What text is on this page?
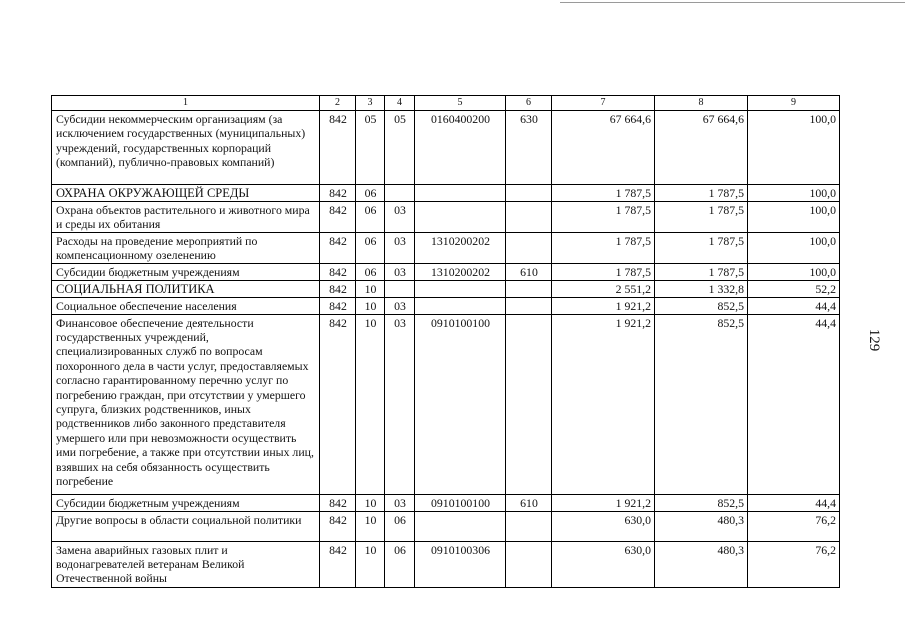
129
1	2	3	4	5	6	7	8	9
Субсидии некоммерческим организациям (за исключением государственных (муниципальных) учреждений, государственных корпораций (компаний), публично-правовых компаний)	842	05	05	0160400200	630	67 664,6	67 664,6	100,0
ОХРАНА ОКРУЖАЮЩЕЙ СРЕДЫ	842	06				1 787,5	1 787,5	100,0
Охрана объектов растительного и животного мира и среды их обитания	842	06	03			1 787,5	1 787,5	100,0
Расходы на проведение мероприятий по компенсационному озеленению	842	06	03	1310200202		1 787,5	1 787,5	100,0
Субсидии бюджетным учреждениям	842	06	03	1310200202	610	1 787,5	1 787,5	100,0
СОЦИАЛЬНАЯ ПОЛИТИКА	842	10				2 551,2	1 332,8	52,2
Социальное обеспечение населения	842	10	03			1 921,2	852,5	44,4
Финансовое обеспечение деятельности государственных учреждений, специализированных служб по вопросам похоронного дела в части услуг, предоставляемых согласно гарантированному перечню услуг по погребению граждан, при отсутствии у умершего супруга, близких родственников, иных родственников либо законного представителя умершего или при невозможности осуществить ими погребение, а также при отсутствии иных лиц, взявших на себя обязанность осуществить погребение	842	10	03	0910100100		1 921,2	852,5	44,4
Субсидии бюджетным учреждениям	842	10	03	0910100100	610	1 921,2	852,5	44,4
Другие вопросы в области социальной политики	842	10	06			630,0	480,3	76,2
Замена аварийных газовых плит и водонагревателей ветеранам Великой Отечественной войны	842	10	06	0910100306		630,0	480,3	76,2
